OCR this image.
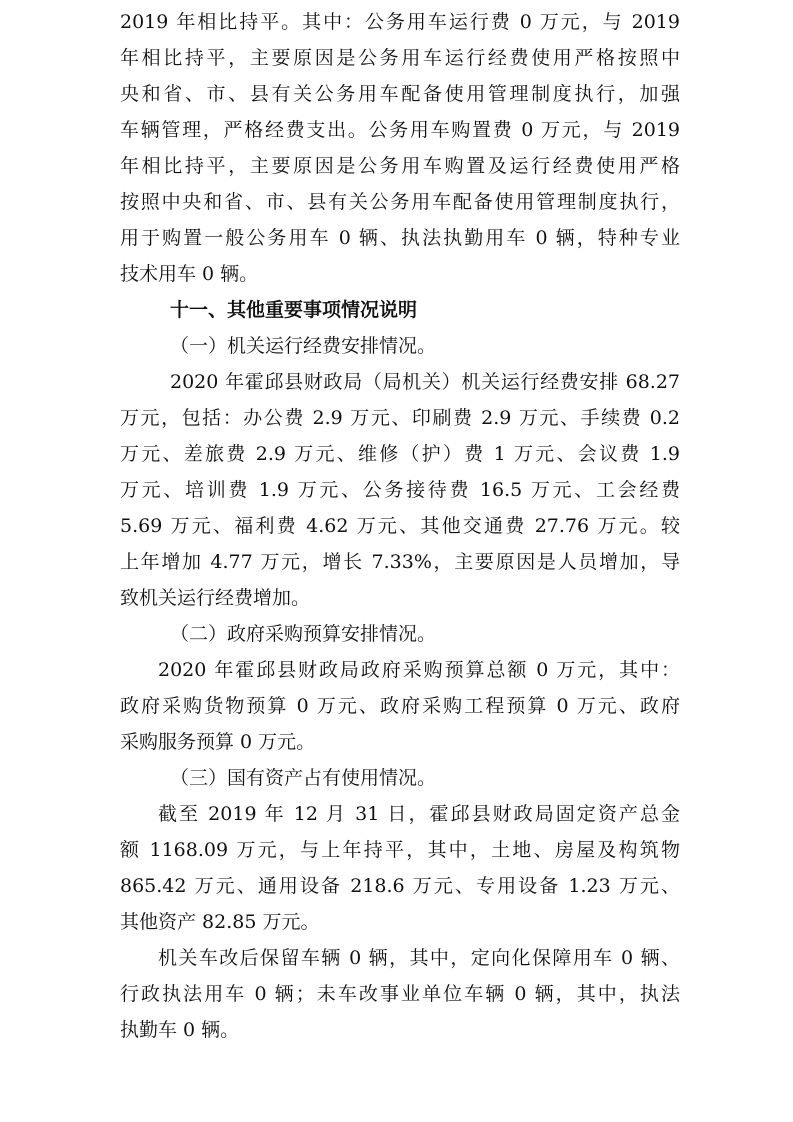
2019 年相比持平。其中：公务用车运行费 0 万元，与 2019
年相比持平，主要原因是公务用车运行经费使用严格按照中
央和省、市、县有关公务用车配备使用管理制度执行，加强
车辆管理，严格经费支出。公务用车购置费 0 万元，与 2019
年相比持平，主要原因是公务用车购置及运行经费使用严格
按照中央和省、市、县有关公务用车配备使用管理制度执行，
用于购置一般公务用车 0 辆、执法执勤用车 0 辆，特种专业
技术用车 0 辆。
十一、其他重要事项情况说明
（一）机关运行经费安排情况。
2020 年霍邱县财政局（局机关）机关运行经费安排 68.27
万元，包括：办公费 2.9 万元、印刷费 2.9 万元、手续费 0.2
万元、差旅费 2.9 万元、维修（护）费 1 万元、会议费 1.9
万元、培训费 1.9 万元、公务接待费 16.5 万元、工会经费
5.69 万元、福利费 4.62 万元、其他交通费 27.76 万元。较
上年增加 4.77 万元，增长 7.33%，主要原因是人员增加，导
致机关运行经费增加。
（二）政府采购预算安排情况。
2020 年霍邱县财政局政府采购预算总额 0 万元，其中：
政府采购货物预算 0 万元、政府采购工程预算 0 万元、政府
采购服务预算 0 万元。
（三）国有资产占有使用情况。
截至 2019 年 12 月 31 日，霍邱县财政局固定资产总金
额 1168.09 万元，与上年持平，其中，土地、房屋及构筑物
865.42 万元、通用设备 218.6 万元、专用设备 1.23 万元、
其他资产 82.85 万元。
机关车改后保留车辆 0 辆，其中，定向化保障用车 0 辆、
行政执法用车 0 辆；未车改事业单位车辆 0 辆，其中，执法
执勤车 0 辆。
